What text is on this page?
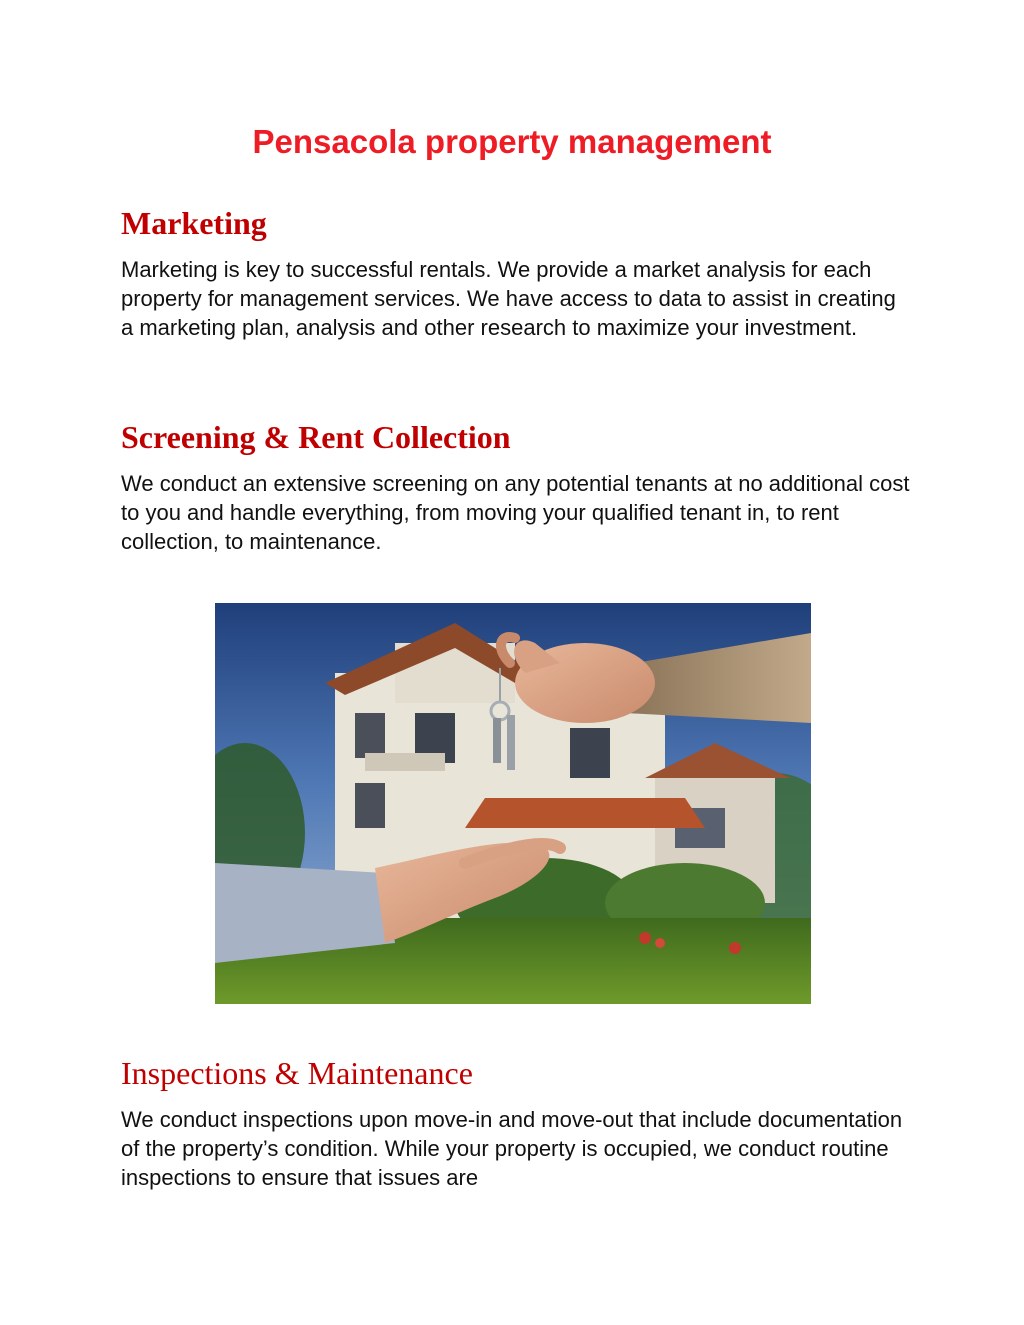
Pensacola property management
Marketing

Marketing is key to successful rentals. We provide a market analysis for each property for management services. We have access to data to assist in creating a marketing plan, analysis and other research to maximize your investment.

Screening & Rent Collection

We conduct an extensive screening on any potential tenants at no additional cost to you and handle everything, from moving your qualified tenant in, to rent collection, to maintenance.

Inspections & Maintenance

We conduct inspections upon move-in and move-out that include documentation of the property’s condition. While your property is occupied, we conduct routine inspections to ensure that issues are
